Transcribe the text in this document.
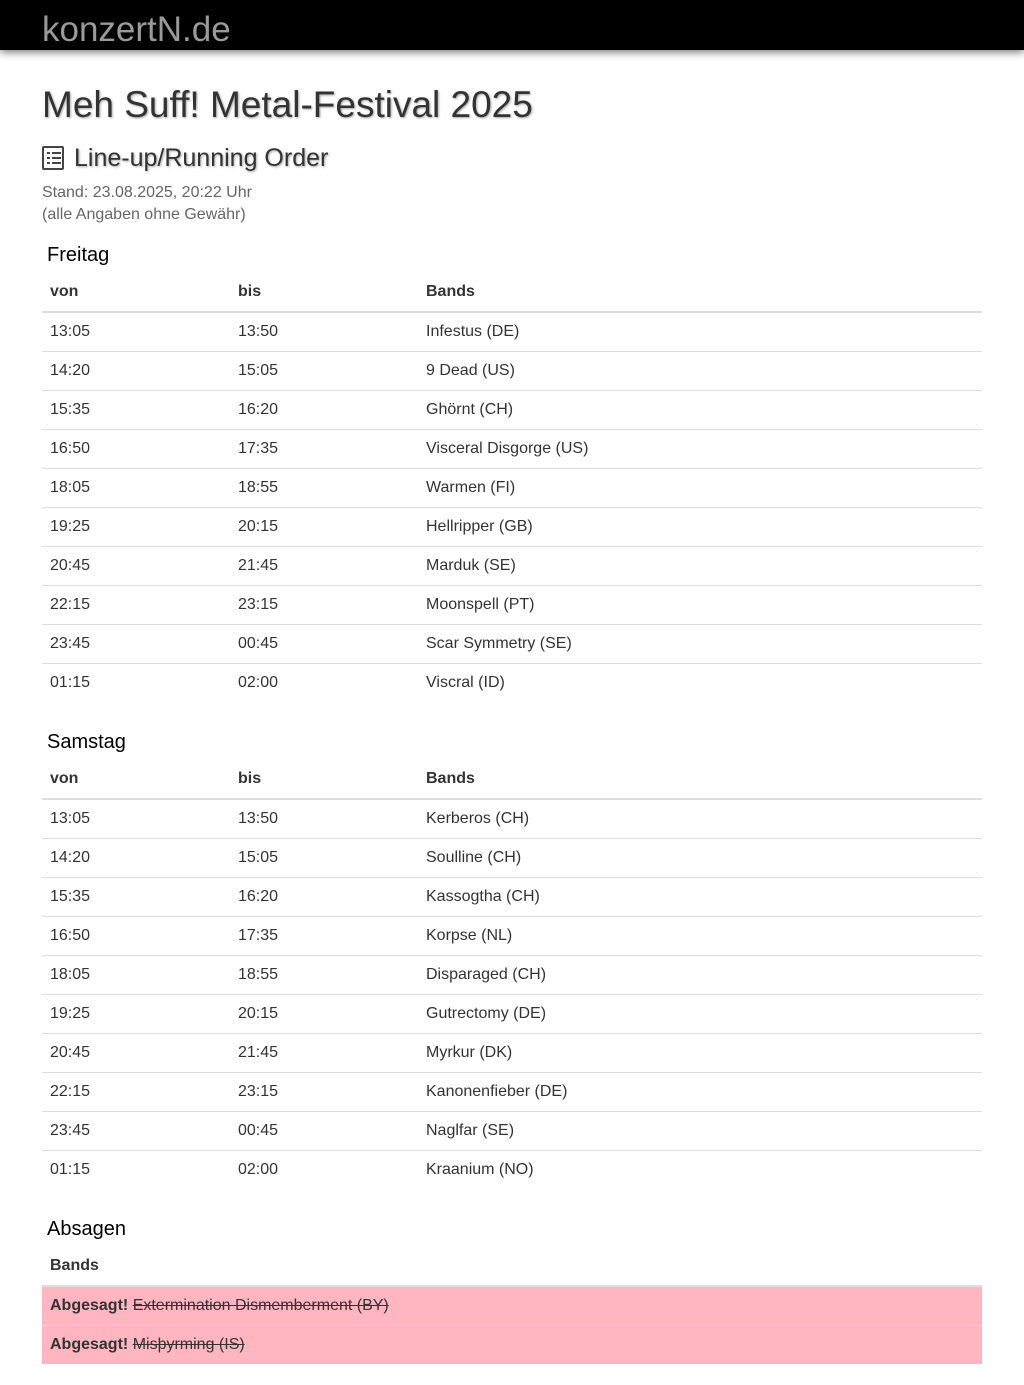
konzertN.de
Meh Suff! Metal-Festival 2025
Line-up/Running Order
Stand: 23.08.2025, 20:22 Uhr
(alle Angaben ohne Gewähr)
Freitag
von	bis	Bands
13:05	13:50	Infestus (DE)
14:20	15:05	9 Dead (US)
15:35	16:20	Ghörnt (CH)
16:50	17:35	Visceral Disgorge (US)
18:05	18:55	Warmen (FI)
19:25	20:15	Hellripper (GB)
20:45	21:45	Marduk (SE)
22:15	23:15	Moonspell (PT)
23:45	00:45	Scar Symmetry (SE)
01:15	02:00	Viscral (ID)
Samstag
von	bis	Bands
13:05	13:50	Kerberos (CH)
14:20	15:05	Soulline (CH)
15:35	16:20	Kassogtha (CH)
16:50	17:35	Korpse (NL)
18:05	18:55	Disparaged (CH)
19:25	20:15	Gutrectomy (DE)
20:45	21:45	Myrkur (DK)
22:15	23:15	Kanonenfieber (DE)
23:45	00:45	Naglfar (SE)
01:15	02:00	Kraanium (NO)
Absagen
Bands
Abgesagt! Extermination Dismemberment (BY)
Abgesagt! Misþyrming (IS)
